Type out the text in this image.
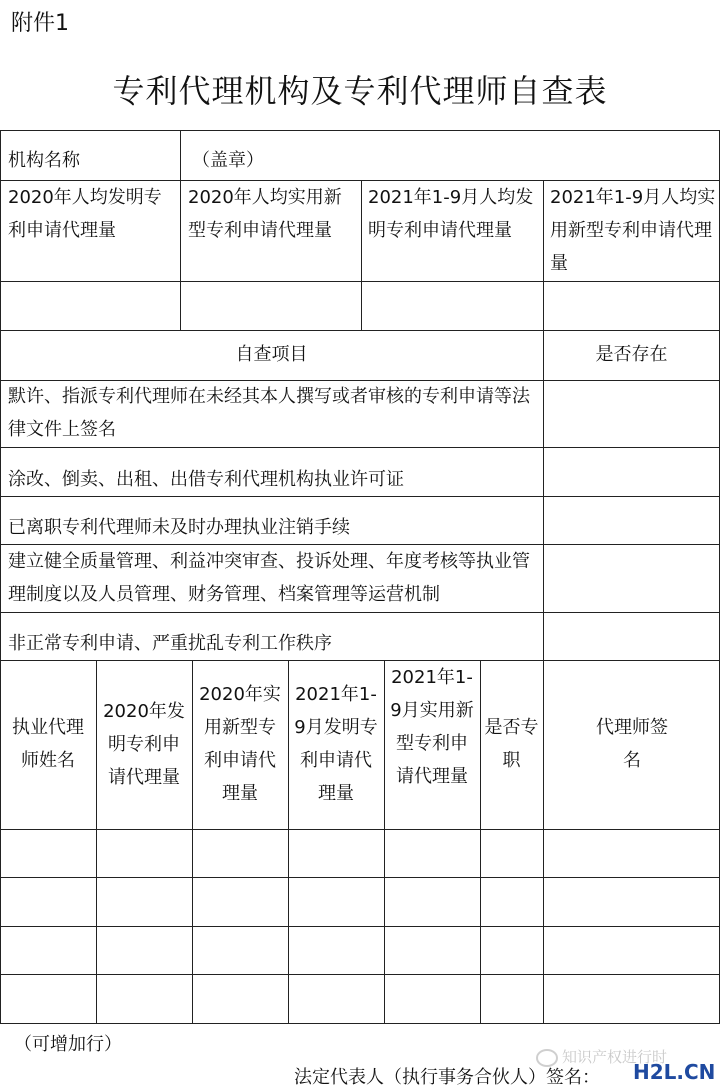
附件1
专利代理机构及专利代理师自查表
机构名称	（盖章）
2020年人均发明专利申请代理量
2020年人均实用新型专利申请代理量
2021年1-9月人均发明专利申请代理量
2021年1-9月人均实用新型专利申请代理量
自查项目	是否存在
默许、指派专利代理师在未经其本人撰写或者审核的专利申请等法律文件上签名
涂改、倒卖、出租、出借专利代理机构执业许可证
已离职专利代理师未及时办理执业注销手续
建立健全质量管理、利益冲突审查、投诉处理、年度考核等执业管理制度以及人员管理、财务管理、档案管理等运营机制
非正常专利申请、严重扰乱专利工作秩序
执业代理师姓名
2020年发明专利申请代理量
2020年实用新型专利申请代理量
2021年1-9月发明专利申请代理量
2021年1-9月实用新型专利申请代理量
是否专职
代理师签名
（可增加行）
法定代表人（执行事务合伙人）签名：
知识产权进行时
H2L.CN
